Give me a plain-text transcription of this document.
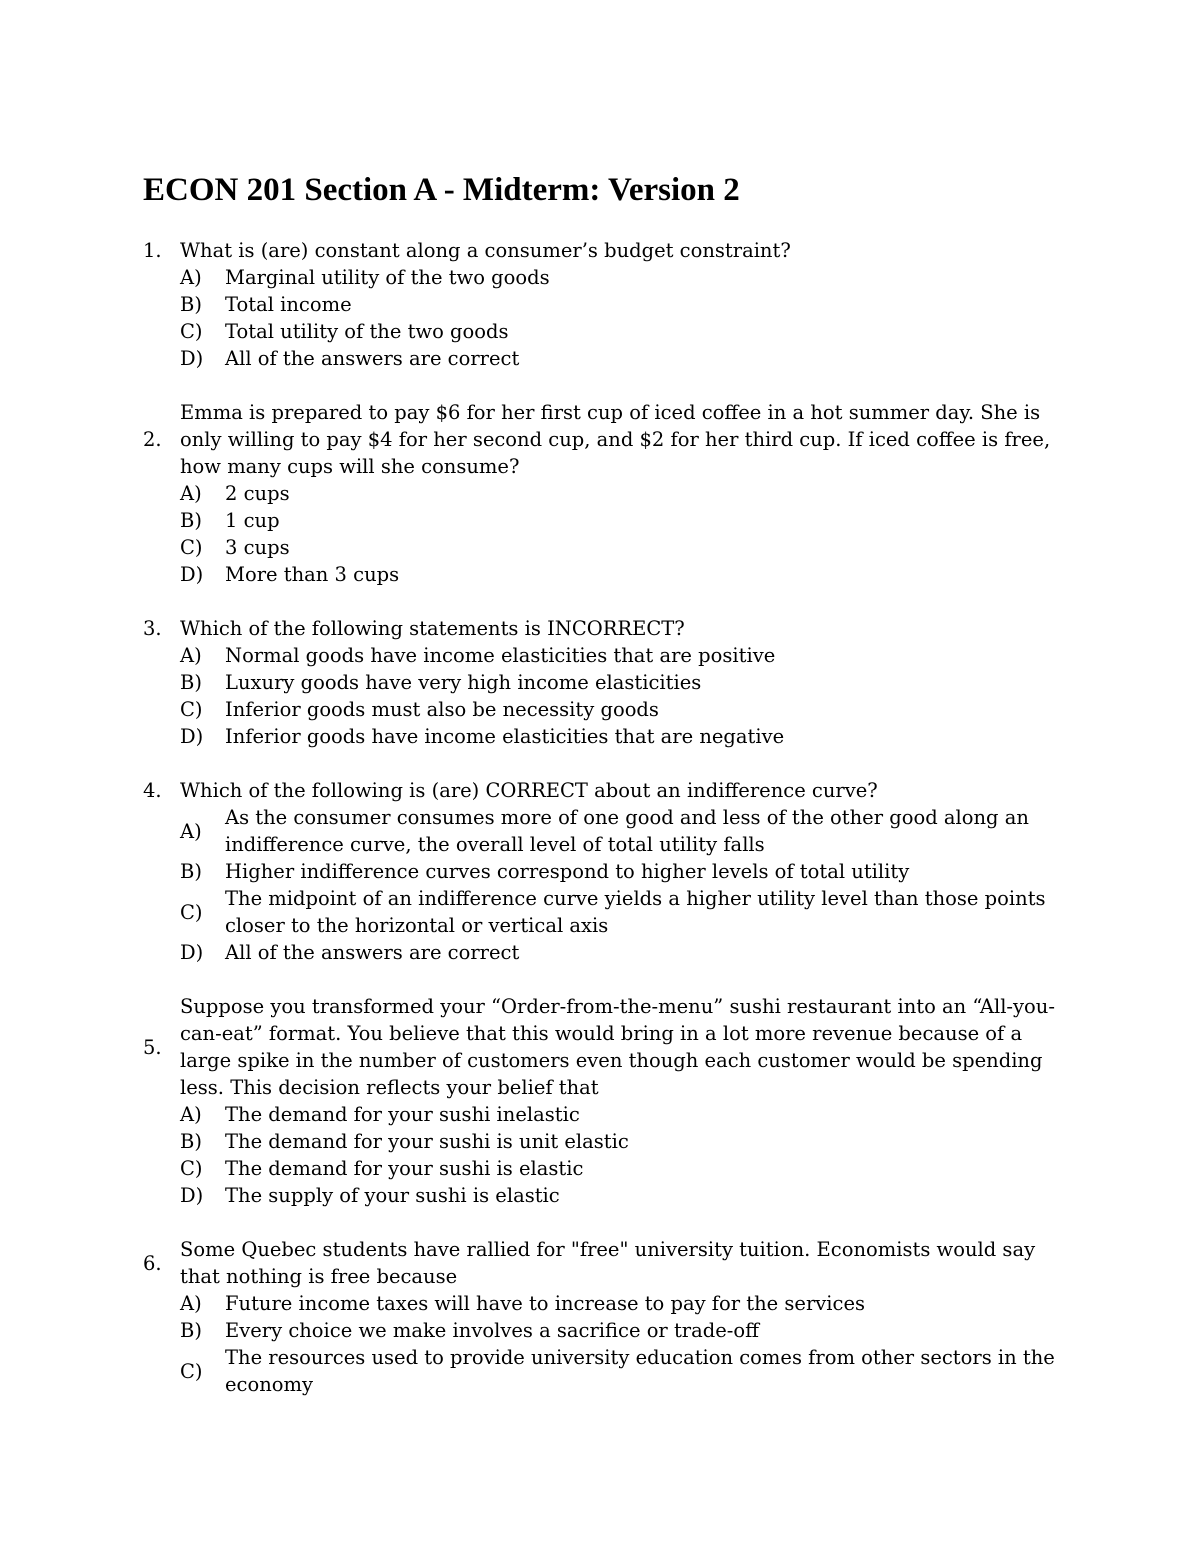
ECON 201 Section A - Midterm: Version 2
1. What is (are) constant along a consumer’s budget constraint?
A)	Marginal utility of the two goods
B)	Total income
C)	Total utility of the two goods
D)	All of the answers are correct
2.
Emma is prepared to pay $6 for her first cup of iced coffee in a hot summer day. She is only willing to pay $4 for her second cup, and $2 for her third cup. If iced coffee is free, how many cups will she consume?
A)	2 cups
B)	1 cup
C)	3 cups
D)	More than 3 cups
3. Which of the following statements is INCORRECT?
A)	Normal goods have income elasticities that are positive
B)	Luxury goods have very high income elasticities
C)	Inferior goods must also be necessity goods
D)	Inferior goods have income elasticities that are negative
4. Which of the following is (are) CORRECT about an indifference curve?
A)
As the consumer consumes more of one good and less of the other good along an indifference curve, the overall level of total utility falls
B)	Higher indifference curves correspond to higher levels of total utility
C)
The midpoint of an indifference curve yields a higher utility level than those points closer to the horizontal or vertical axis
D)	All of the answers are correct
5.
Suppose you transformed your “Order-from-the-menu” sushi restaurant into an “All-you-can-eat” format. You believe that this would bring in a lot more revenue because of a large spike in the number of customers even though each customer would be spending less. This decision reflects your belief that
A)	The demand for your sushi inelastic
B)	The demand for your sushi is unit elastic
C)	The demand for your sushi is elastic
D)	The supply of your sushi is elastic
6.
Some Quebec students have rallied for "free" university tuition. Economists would say that nothing is free because
A)	Future income taxes will have to increase to pay for the services
B)	Every choice we make involves a sacrifice or trade-off
C)
The resources used to provide university education comes from other sectors in the economy
